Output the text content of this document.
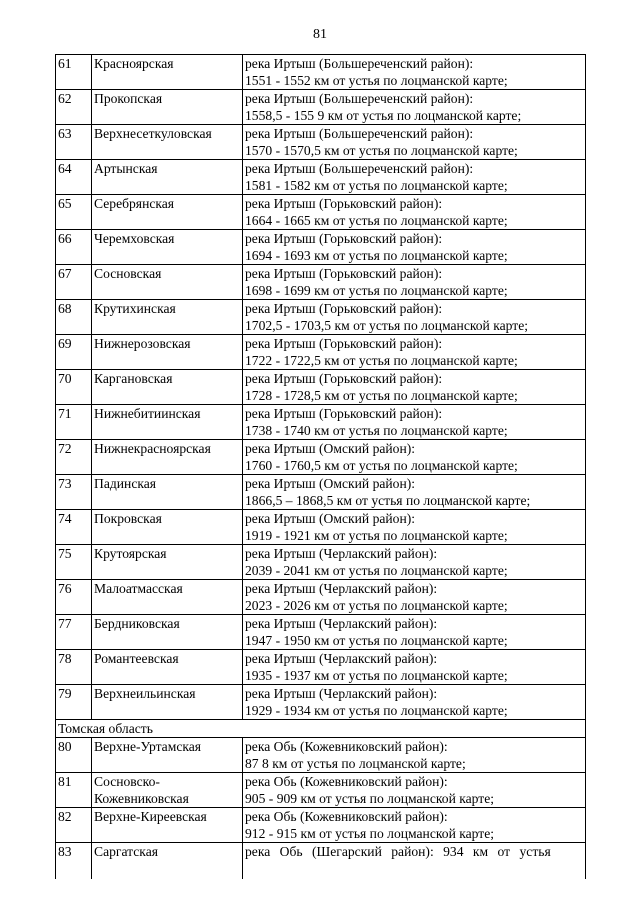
81
61	Красноярская	река Иртыш (Большереченский район):
1551 - 1552 км от устья по лоцманской карте;

62	Прокопская	река Иртыш (Большереченский район):
1558,5 - 155 9 км от устья по лоцманской карте;

63	Верхнесеткуловская	река Иртыш (Большереченский район):
1570 - 1570,5 км от устья по лоцманской карте;

64	Артынская	река Иртыш (Большереченский район):
1581 - 1582 км от устья по лоцманской карте;

65	Серебрянская	река Иртыш (Горьковский район):
1664 - 1665 км от устья по лоцманской карте;

66	Черемховская	река Иртыш (Горьковский район):
1694 - 1693 км от устья по лоцманской карте;

67	Сосновская	река Иртыш (Горьковский район):
1698 - 1699 км от устья по лоцманской карте;

68	Крутихинская	река Иртыш (Горьковский район):
1702,5 - 1703,5 км от устья по лоцманской карте;

69	Нижнерозовская	река Иртыш (Горьковский район):
1722 - 1722,5 км от устья по лоцманской карте;

70	Каргановская	река Иртыш (Горьковский район):
1728 - 1728,5 км от устья по лоцманской карте;

71	Нижнебитиинская	река Иртыш (Горьковский район):
1738 - 1740 км от устья по лоцманской карте;

72	Нижнекрасноярская	река Иртыш (Омский район):
1760 - 1760,5 км от устья по лоцманской карте;

73	Падинская	река Иртыш (Омский район):
1866,5 – 1868,5 км от устья по лоцманской карте;

74	Покровская	река Иртыш (Омский район):
1919 - 1921 км от устья по лоцманской карте;

75	Крутоярская	река Иртыш (Черлакский район):
2039 - 2041 км от устья по лоцманской карте;

76	Малоатмасская	река Иртыш (Черлакский район):
2023 - 2026 км от устья по лоцманской карте;

77	Бердниковская	река Иртыш (Черлакский район):
1947 - 1950 км от устья по лоцманской карте;

78	Романтеевская	река Иртыш (Черлакский район):
1935 - 1937 км от устья по лоцманской карте;

79	Верхнеильинская	река Иртыш (Черлакский район):
1929 - 1934 км от устья по лоцманской карте;

Томская область		
80	Верхне-Уртамская	река Обь (Кожевниковский район):
87 8 км от устья по лоцманской карте;

81	Сосновско-
Кожевниковская	река Обь (Кожевниковский район):
905 - 909 км от устья по лоцманской карте;

82	Верхне-Киреевская	река Обь (Кожевниковский район):
912 - 915 км от устья по лоцманской карте;

83	Саргатская	река Обь (Шегарский район): 934 км от устья
